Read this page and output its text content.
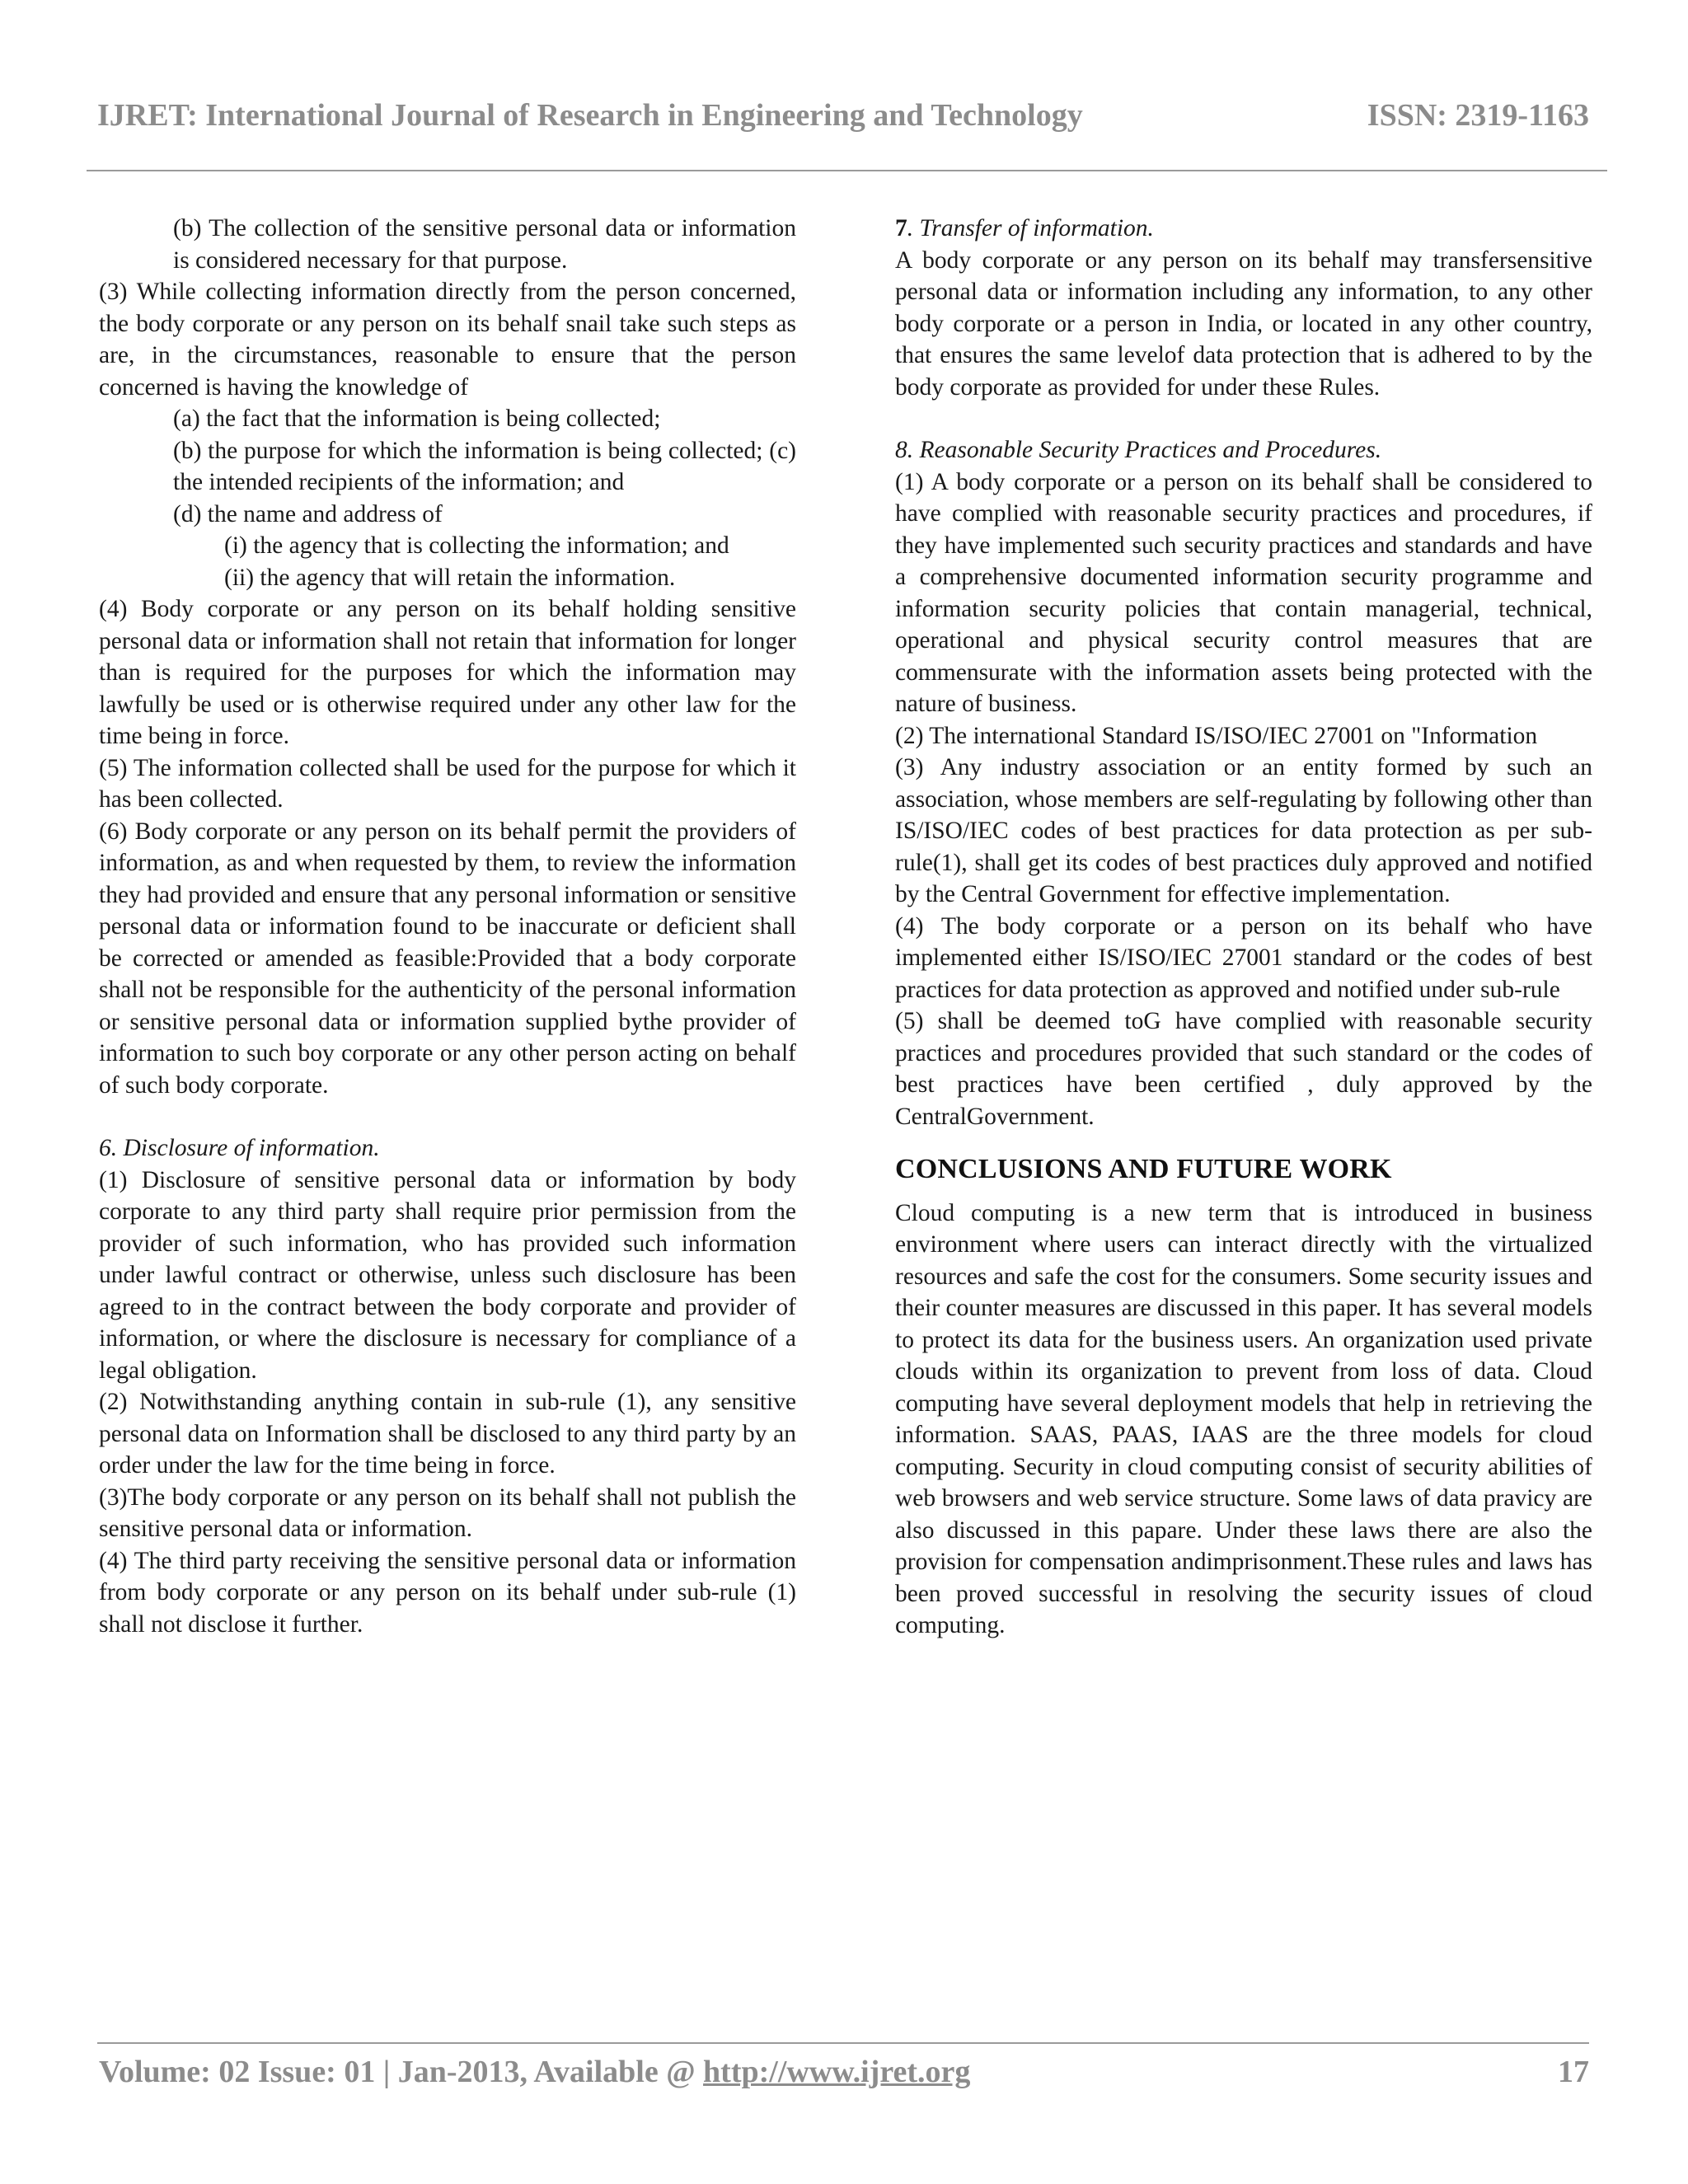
IJRET: International Journal of Research in Engineering and Technology	ISSN: 2319-1163

(b) The collection of the sensitive personal data or information is considered necessary for that purpose.

(3) While collecting information directly from the person concerned, the body corporate or any person on its behalf snail take such steps as are, in the circumstances, reasonable to ensure that the person concerned is having the knowledge of

(a) the fact that the information is being collected;

(b) the purpose for which the information is being collected; (c) the intended recipients of the information; and

(d) the name and address of

(i) the agency that is collecting the information; and

(ii) the agency that will retain the information.

(4) Body corporate or any person on its behalf holding sensitive personal data or information shall not retain that information for longer than is required for the purposes for which the information may lawfully be used or is otherwise required under any other law for the time being in force.

(5) The information collected shall be used for the purpose for which it has been collected.

(6) Body corporate or any person on its behalf permit the providers of information, as and when requested by them, to review the information they had provided and ensure that any personal information or sensitive personal data or information found to be inaccurate or deficient shall be corrected or amended as feasible:Provided that a body corporate shall not be responsible for the authenticity of the personal information or sensitive personal data or information supplied bythe provider of information to such boy corporate or any other person acting on behalf of such body corporate.

6. Disclosure of information.

(1) Disclosure of sensitive personal data or information by body corporate to any third party shall require prior permission from the provider of such information, who has provided such information under lawful contract or otherwise, unless such disclosure has been agreed to in the contract between the body corporate and provider of information, or where the disclosure is necessary for compliance of a legal obligation.

(2) Notwithstanding anything contain in sub-rule (1), any sensitive personal data on Information shall be disclosed to any third party by an order under the law for the time being in force.

(3)The body corporate or any person on its behalf shall not publish the sensitive personal data or information.

(4) The third party receiving the sensitive personal data or information from body corporate or any person on its behalf under sub-rule (1) shall not disclose it further.

7. Transfer of information.

A body corporate or any person on its behalf may transfersensitive personal data or information including any information, to any other body corporate or a person in India, or located in any other country, that ensures the same levelof data protection that is adhered to by the body corporate as provided for under these Rules.

8. Reasonable Security Practices and Procedures.

(1) A body corporate or a person on its behalf shall be considered to have complied with reasonable security practices and procedures, if they have implemented such security practices and standards and have a comprehensive documented information security programme and information security policies that contain managerial, technical, operational and physical security control measures that are commensurate with the information assets being protected with the nature of business.

(2) The international Standard IS/ISO/IEC 27001 on "Information

(3) Any industry association or an entity formed by such an association, whose members are self-regulating by following other than IS/ISO/IEC codes of best practices for data protection as per sub-rule(1), shall get its codes of best practices duly approved and notified by the Central Government for effective implementation.

(4) The body corporate or a person on its behalf who have implemented either IS/ISO/IEC 27001 standard or the codes of best practices for data protection as approved and notified under sub-rule

(5) shall be deemed toG have complied with reasonable security practices and procedures provided that such standard or the codes of best practices have been certified , duly approved by the CentralGovernment.

CONCLUSIONS AND FUTURE WORK

Cloud computing is a new term that is introduced in business environment where users can interact directly with the virtualized resources and safe the cost for the consumers. Some security issues and their counter measures are discussed in this paper. It has several models to protect its data for the business users. An organization used private clouds within its organization to prevent from loss of data. Cloud computing have several deployment models that help in retrieving the information. SAAS, PAAS, IAAS are the three models for cloud computing. Security in cloud computing consist of security abilities of web browsers and web service structure. Some laws of data pravicy are also discussed in this papare. Under these laws there are also the provision for compensation andimprisonment.These rules and laws has been proved successful in resolving the security issues of cloud computing.

Volume: 02 Issue: 01 | Jan-2013, Available @ http://www.ijret.org	17
